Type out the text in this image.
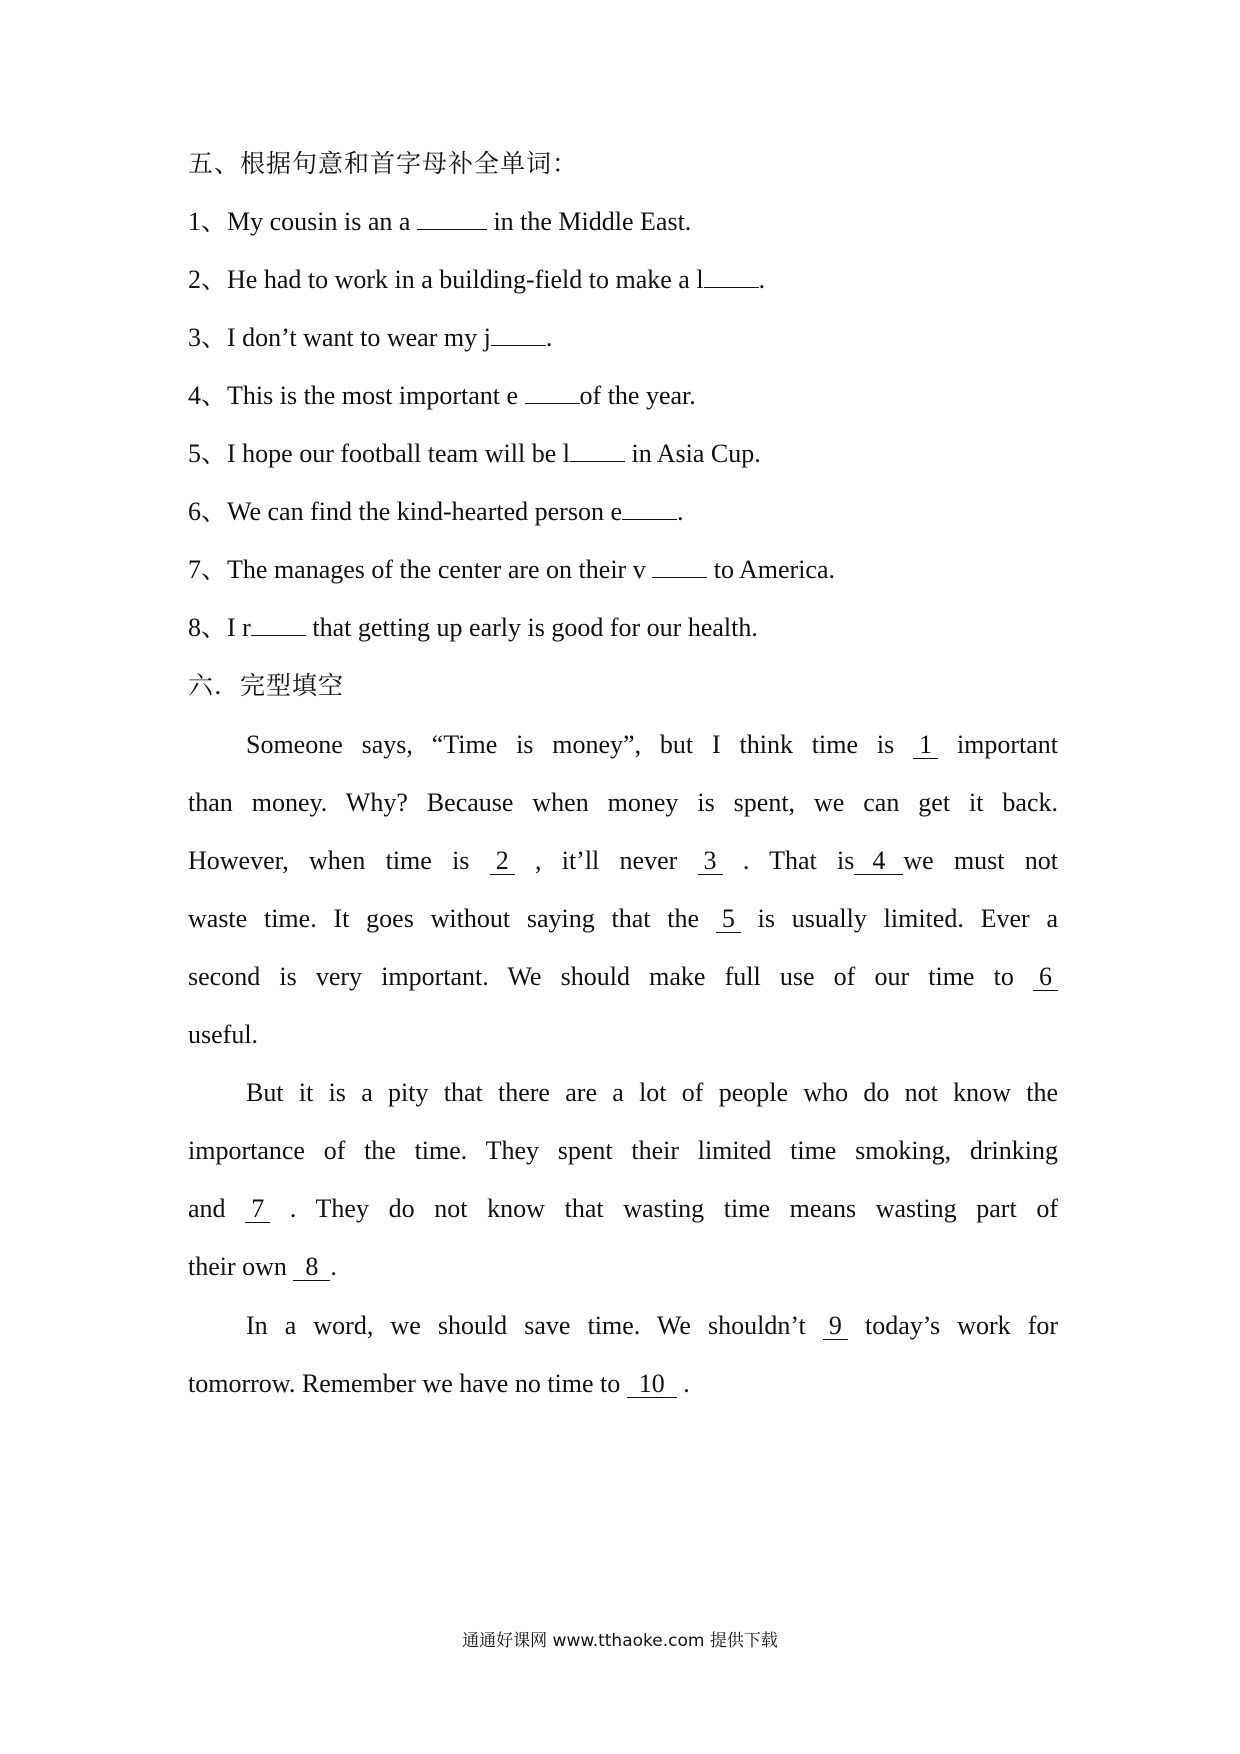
五、根据句意和首字母补全单词：
1、My cousin is an a	in the Middle East.
2、He had to work in a building-field to make a l .
3、I don’t want to wear my j .
4、This is the most important e of the year.
5、I hope our football team will be l in Asia Cup.
6、We can find the kind-hearted person e .
7、The manages of the center are on their v  to America.
8、I r that getting up early is good for our health.
六．完型填空
Someone says, “Time is money”, but I think time is 1 important
than money. Why? Because when money is spent, we can get it back.
However, when time is 2 , it’ll never 3 . That is 4 we must not
waste time. It goes without saying that the 5 is usually limited. Ever a
second is very important. We should make full use of our time to 6
useful.
But it is a pity that there are a lot of people who do not know the
importance of the time. They spent their limited time smoking, drinking
and 7 . They do not know that wasting time means wasting part of
their own 8 .
In a word, we should save time. We shouldn’t 9 today’s work for
tomorrow. Remember we have no time to 10 .
通通好课网 www.tthaoke.com 提供下载
